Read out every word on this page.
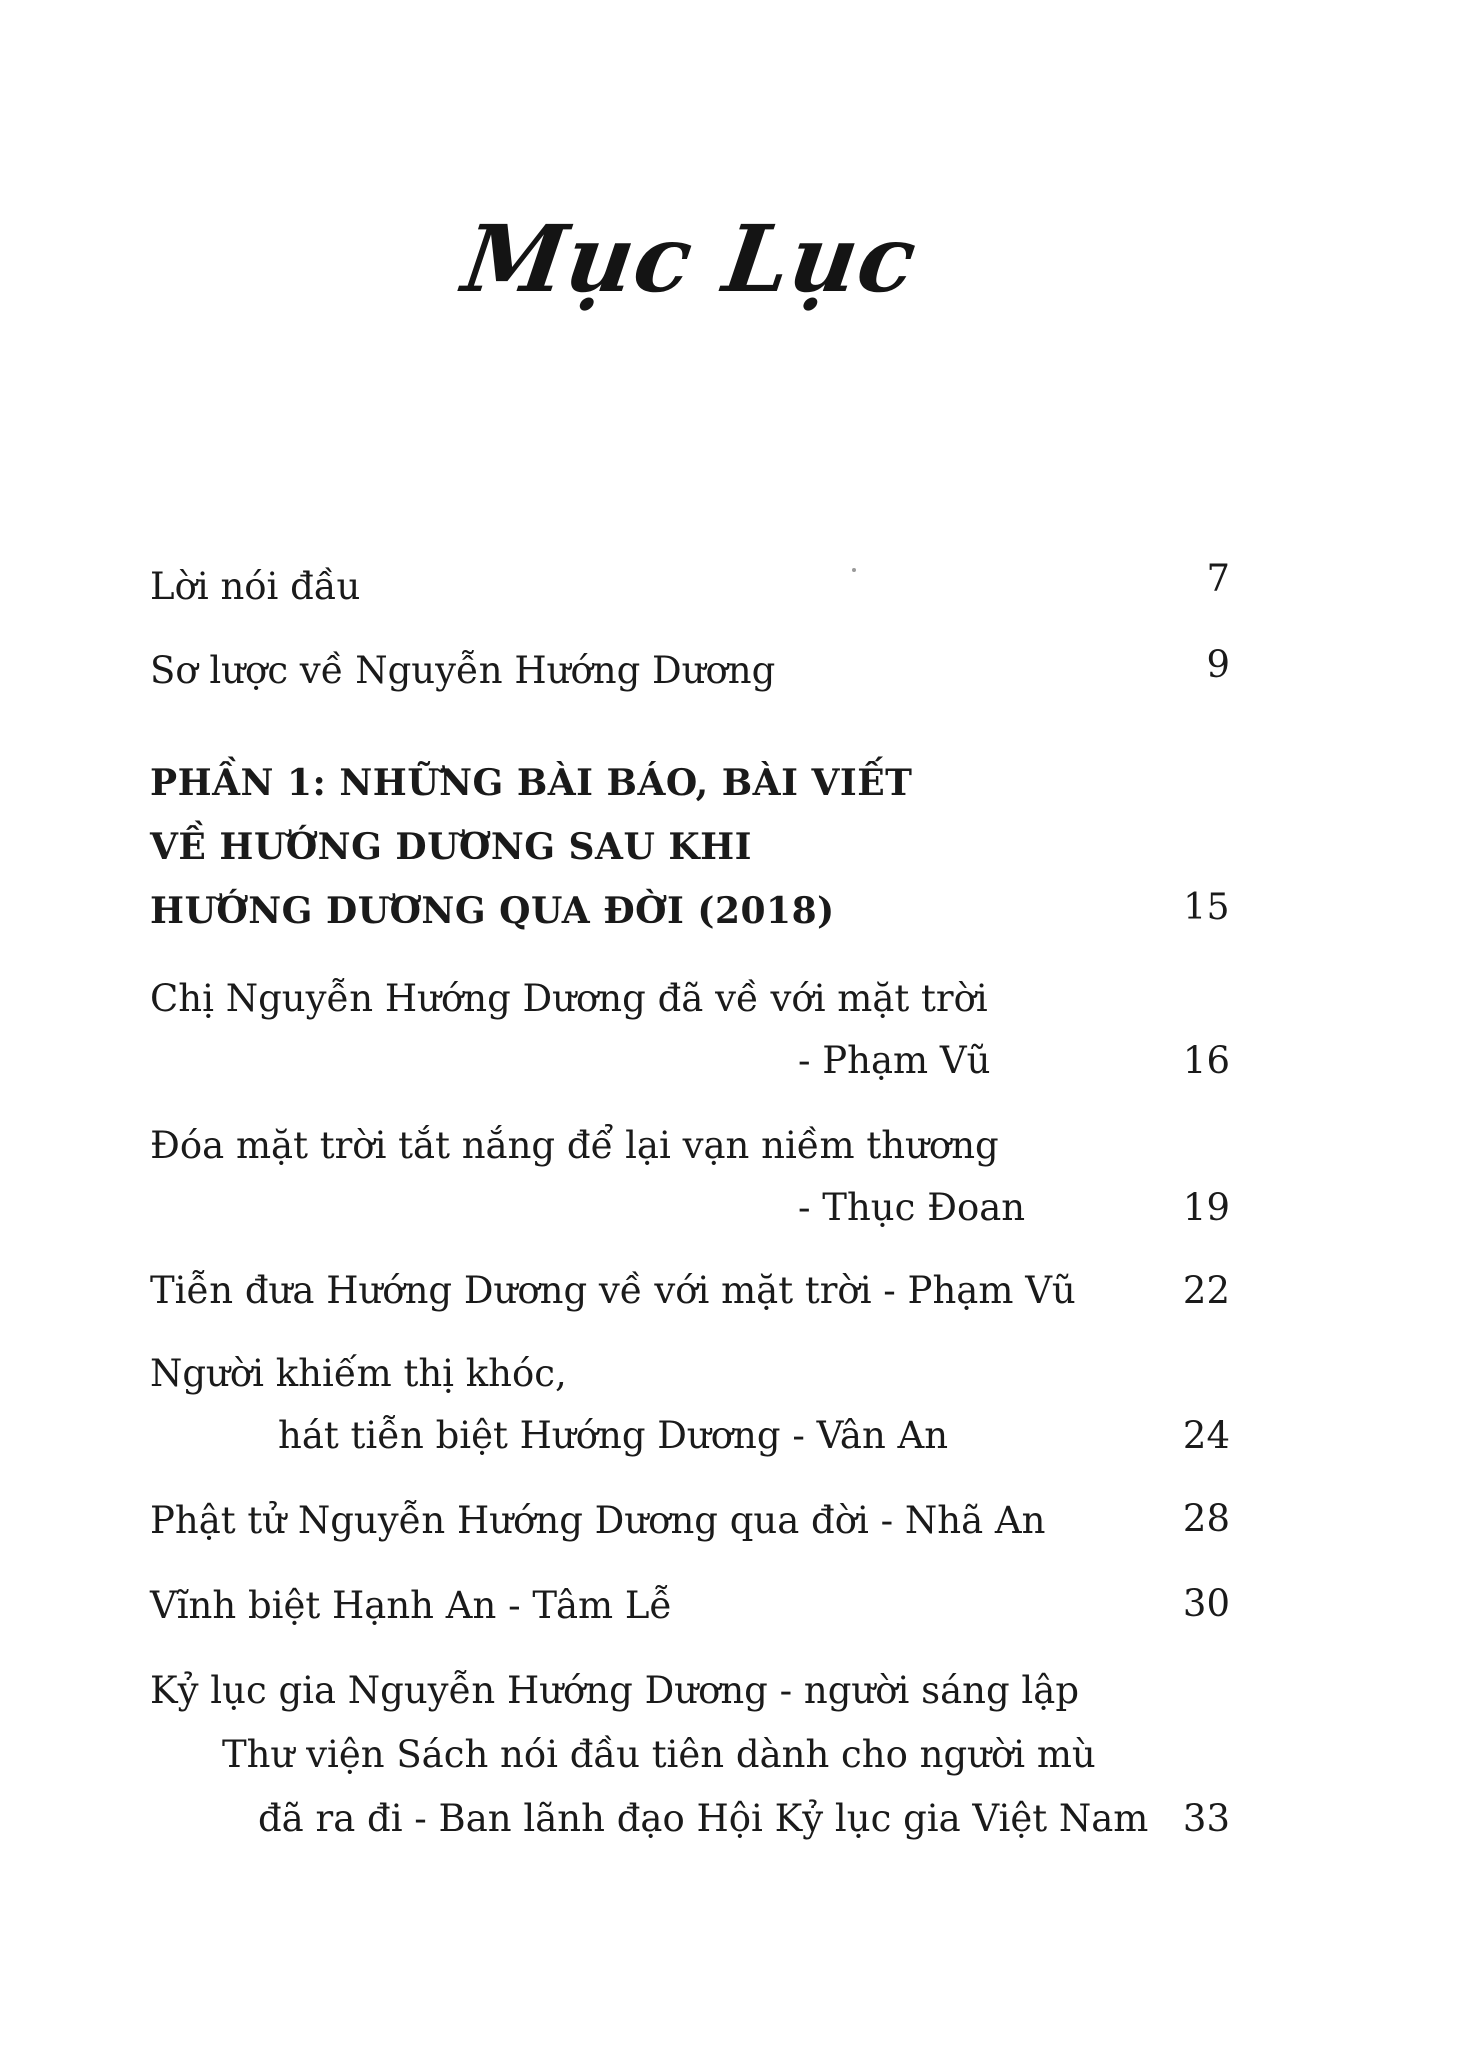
Mục Lục
Lời nói đầu	7
Sơ lược về Nguyễn Hướng Dương	9
PHẦN 1: NHỮNG BÀI BÁO, BÀI VIẾT
VỀ HƯỚNG DƯƠNG SAU KHI
HƯỚNG DƯƠNG QUA ĐỜI (2018)	15
Chị Nguyễn Hướng Dương đã về với mặt trời
- Phạm Vũ	16
Đóa mặt trời tắt nắng để lại vạn niềm thương
- Thục Đoan	19
Tiễn đưa Hướng Dương về với mặt trời - Phạm Vũ	22
Người khiếm thị khóc,
hát tiễn biệt Hướng Dương - Vân An	24
Phật tử Nguyễn Hướng Dương qua đời - Nhã An	28
Vĩnh biệt Hạnh An - Tâm Lễ	30
Kỷ lục gia Nguyễn Hướng Dương - người sáng lập
Thư viện Sách nói đầu tiên dành cho người mù
đã ra đi - Ban lãnh đạo Hội Kỷ lục gia Việt Nam 33
